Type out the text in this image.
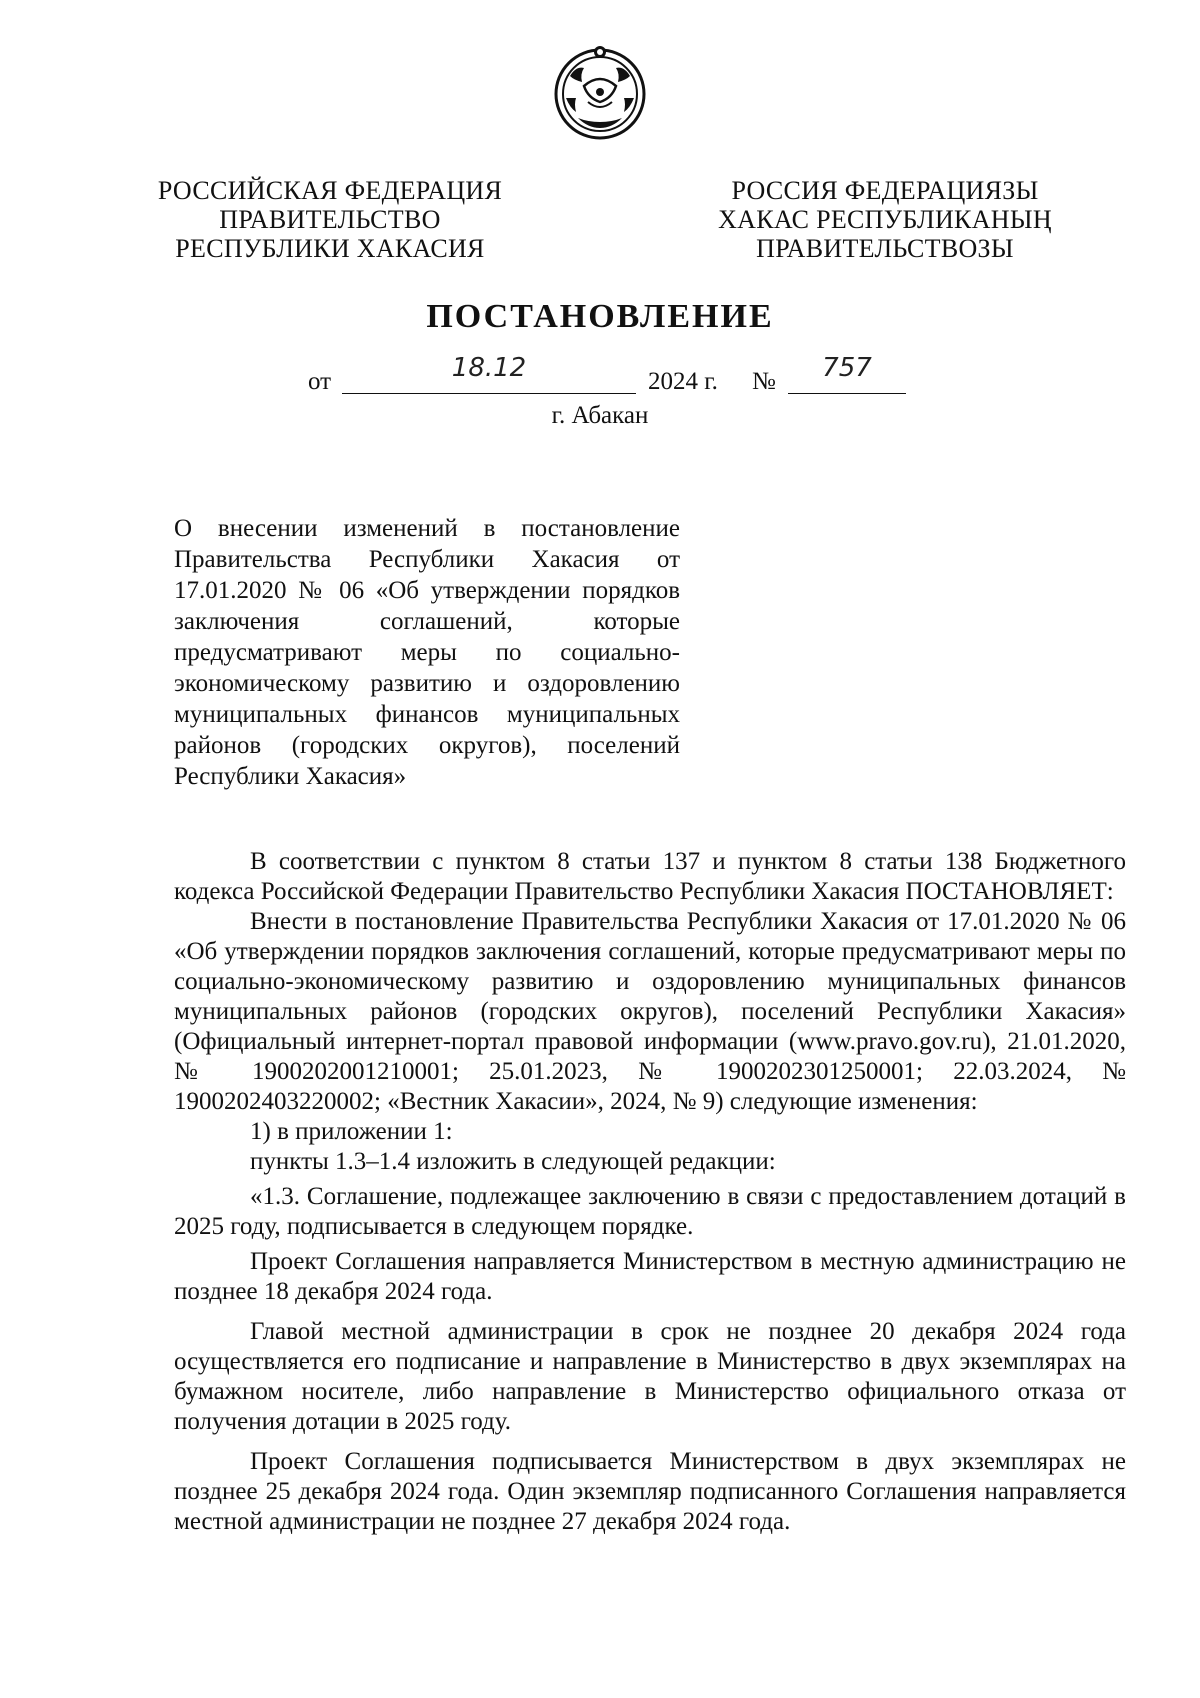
РОССИЙСКАЯ ФЕДЕРАЦИЯ
ПРАВИТЕЛЬСТВО
РЕСПУБЛИКИ ХАКАСИЯ
РОССИЯ ФЕДЕРАЦИЯЗЫ
ХАКАС РЕСПУБЛИКАНЫҢ
ПРАВИТЕЛЬСТВОЗЫ
ПОСТАНОВЛЕНИЕ
от	18.12	2024 г. №	757
г. Абакан
О внесении изменений в постановление Правительства Республики Хакасия от 17.01.2020 № 06 «Об утверждении порядков заключения соглашений, которые предусматривают меры по социально-экономическому развитию и оздоровлению муниципальных финансов муниципальных районов (городских округов), поселений Республики Хакасия»

В соответствии с пунктом 8 статьи 137 и пунктом 8 статьи 138 Бюджетного кодекса Российской Федерации Правительство Республики Хакасия ПОСТАНОВЛЯЕТ:

Внести в постановление Правительства Республики Хакасия от 17.01.2020 № 06 «Об утверждении порядков заключения соглашений, которые предусматривают меры по социально-экономическому развитию и оздоровлению муниципальных финансов муниципальных районов (городских округов), поселений Республики Хакасия» (Официальный интернет-портал правовой информации (www.pravo.gov.ru), 21.01.2020, № 1900202001210001; 25.01.2023, № 1900202301250001; 22.03.2024, № 1900202403220002; «Вестник Хакасии», 2024, № 9) следующие изменения:

1) в приложении 1:

пункты 1.3–1.4 изложить в следующей редакции:

«1.3. Соглашение, подлежащее заключению в связи с предоставлением дотаций в 2025 году, подписывается в следующем порядке.

Проект Соглашения направляется Министерством в местную администрацию не позднее 18 декабря 2024 года.

Главой местной администрации в срок не позднее 20 декабря 2024 года осуществляется его подписание и направление в Министерство в двух экземплярах на бумажном носителе, либо направление в Министерство официального отказа от получения дотации в 2025 году.

Проект Соглашения подписывается Министерством в двух экземплярах не позднее 25 декабря 2024 года. Один экземпляр подписанного Соглашения направляется местной администрации не позднее 27 декабря 2024 года.
